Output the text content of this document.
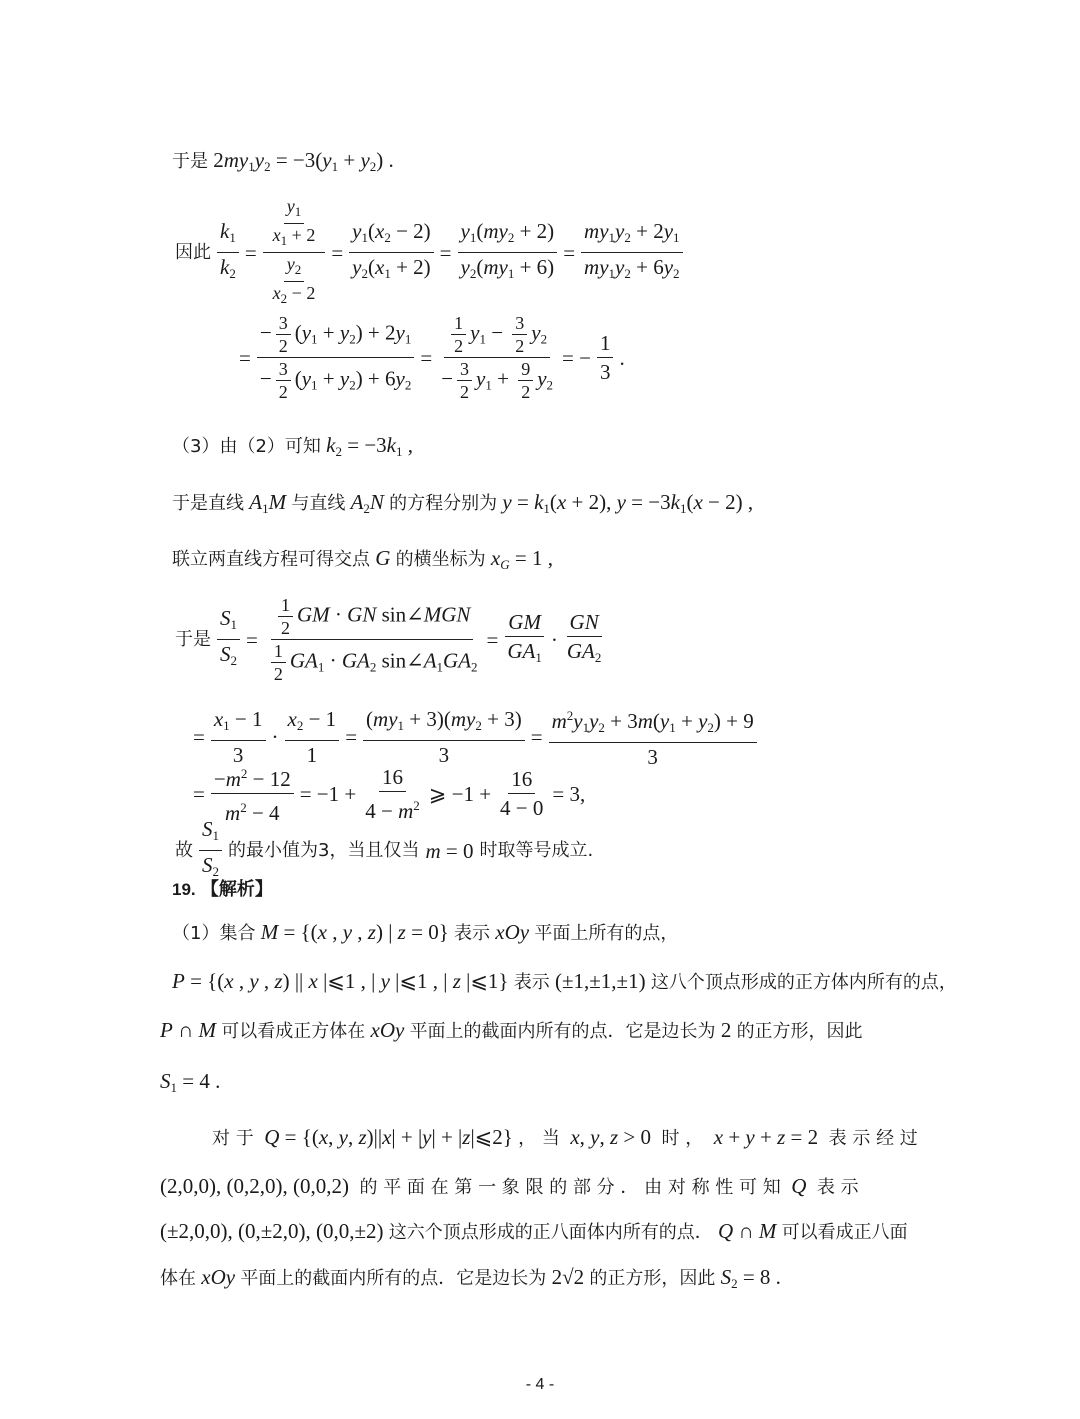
于是 $2my_1y_2 = -3(y_1 + y_2)$ .
因此 $\frac{k_1}{k_2} = \frac{\frac{y_1}{x_1 + 2}}{\frac{y_2}{x_2 - 2}} = \frac{y_1(x_2 - 2)}{y_2(x_1 + 2)} = \frac{y_1(my_2 + 2)}{y_2(my_1 + 6)} = \frac{my_1y_2 + 2y_1}{my_1y_2 + 6y_2}$
= $\frac{- \frac{3}{2} (y_1 + y_2) + 2y_1}{- \frac{3}{2} (y_1 + y_2) + 6y_2} = \frac{\frac{1}{2} y_1 - \frac{3}{2} y_2}{- \frac{3}{2} y_1 + \frac{9}{2} y_2}$ = − $\frac{1}{3}$ .
（3）由（2）可知 $k_2 = -3k_1$ ,
于是直线 $A_1M$ 与直线 $A_2N$ 的方程分别为 $y = k_1(x + 2)$, $y = -3k_1(x - 2)$ ,
联立两直线方程可得交点 G 的横坐标为 $x_G = 1$ ,
于是 $\frac{S_1}{S_2} = \frac{\frac{1}{2} GM \cdot GN \sin\angle MGN}{\frac{1}{2} GA_1 \cdot GA_2 \sin\angle A_1GA_2} = \frac{GM}{GA_1} \cdot \frac{GN}{GA_2}$
= $\frac{x_1 - 1}{3} \cdot \frac{x_2 - 1}{1} = \frac{(my_1 + 3)(my_2 + 3)}{3} = \frac{m^2y_1y_2 + 3m(y_1 + y_2) + 9}{3}$
= $\frac{-m^2 - 12}{m^2 - 4} = -1 + \frac{16}{4 - m^2}$ ⩾ $-1 + \frac{16}{4 - 0} = 3$,
故 $\frac{S_1}{S_2}$ 的最小值为3，当且仅当 m = 0 时取等号成立.
19. 【解析】
（1）集合 M = {(x , y , z) | z = 0} 表示 xOy 平面上所有的点，
P = {(x , y , z) || x |⩽1 , | y |⩽1 , | z |⩽1} 表示 (±1,±1,±1) 这八个顶点形成的正方体内所有的点，
P ∩ M 可以看成正方体在 xOy 平面上的截面内所有的点．它是边长为 2 的正方形，因此
$S_1 = 4$ .
对 于 Q = {(x, y, z)||x| + |y| + |z|⩽2} ， 当 x, y, z > 0  时 ， x + y + z = 2  表 示 经 过
(2,0,0), (0,2,0), (0,0,2)  的 平 面 在 第 一 象 限 的 部 分 ． 由 对 称 性 可 知 Q 表 示
(±2,0,0), (0,±2,0), (0,0,±2) 这六个顶点形成的正八面体内所有的点． Q ∩ M 可以看成正八面
体在 xOy 平面上的截面内所有的点．它是边长为 2√2 的正方形，因此 $S_2 = 8$ .
- 4 -
